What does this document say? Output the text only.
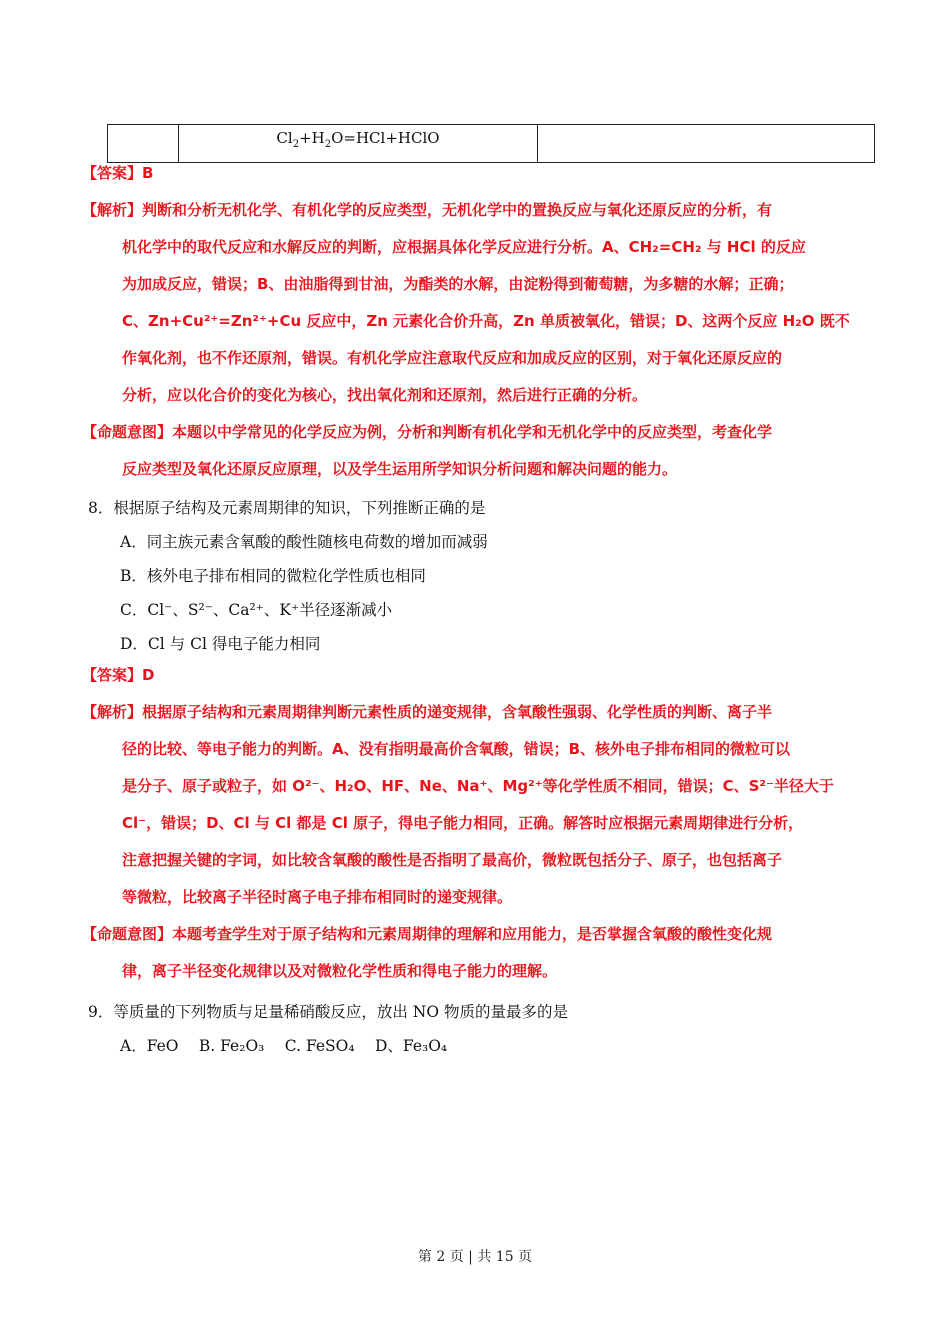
	$Cl_2+H_2O=HCl+HClO$	
【答案】B
【解析】判断和分析无机化学、有机化学的反应类型，无机化学中的置换反应与氧化还原反应的分析，有
机化学中的取代反应和水解反应的判断，应根据具体化学反应进行分析。A、CH₂=CH₂ 与 HCl 的反应
为加成反应，错误；B、由油脂得到甘油，为酯类的水解，由淀粉得到葡萄糖，为多糖的水解；正确；
C、Zn+Cu²⁺=Zn²⁺+Cu 反应中，Zn 元素化合价升高，Zn 单质被氧化，错误；D、这两个反应 H₂O 既不
作氧化剂，也不作还原剂，错误。有机化学应注意取代反应和加成反应的区别，对于氧化还原反应的
分析，应以化合价的变化为核心，找出氧化剂和还原剂，然后进行正确的分析。
【命题意图】本题以中学常见的化学反应为例，分析和判断有机化学和无机化学中的反应类型，考查化学
反应类型及氧化还原反应原理，以及学生运用所学知识分析问题和解决问题的能力。
8．根据原子结构及元素周期律的知识，下列推断正确的是
A．同主族元素含氧酸的酸性随核电荷数的增加而减弱
B．核外电子排布相同的微粒化学性质也相同
C．Cl⁻、S²⁻、Ca²⁺、K⁺半径逐渐减小
D．Cl 与 Cl 得电子能力相同
【答案】D
【解析】根据原子结构和元素周期律判断元素性质的递变规律，含氧酸性强弱、化学性质的判断、离子半
径的比较、等电子能力的判断。A、没有指明最高价含氧酸，错误；B、核外电子排布相同的微粒可以
是分子、原子或粒子，如 O²⁻、H₂O、HF、Ne、Na⁺、Mg²⁺等化学性质不相同，错误；C、S²⁻半径大于
Cl⁻，错误；D、Cl 与 Cl 都是 Cl 原子，得电子能力相同，正确。解答时应根据元素周期律进行分析，
注意把握关键的字词，如比较含氧酸的酸性是否指明了最高价，微粒既包括分子、原子，也包括离子
等微粒，比较离子半径时离子电子排布相同时的递变规律。
【命题意图】本题考查学生对于原子结构和元素周期律的理解和应用能力，是否掌握含氧酸的酸性变化规
律，离子半径变化规律以及对微粒化学性质和得电子能力的理解。
9．等质量的下列物质与足量稀硝酸反应，放出 NO 物质的量最多的是
A．FeO　 B. Fe₂O₃　 C. FeSO₄　 D、Fe₃O₄
第 2 页 | 共 15 页
